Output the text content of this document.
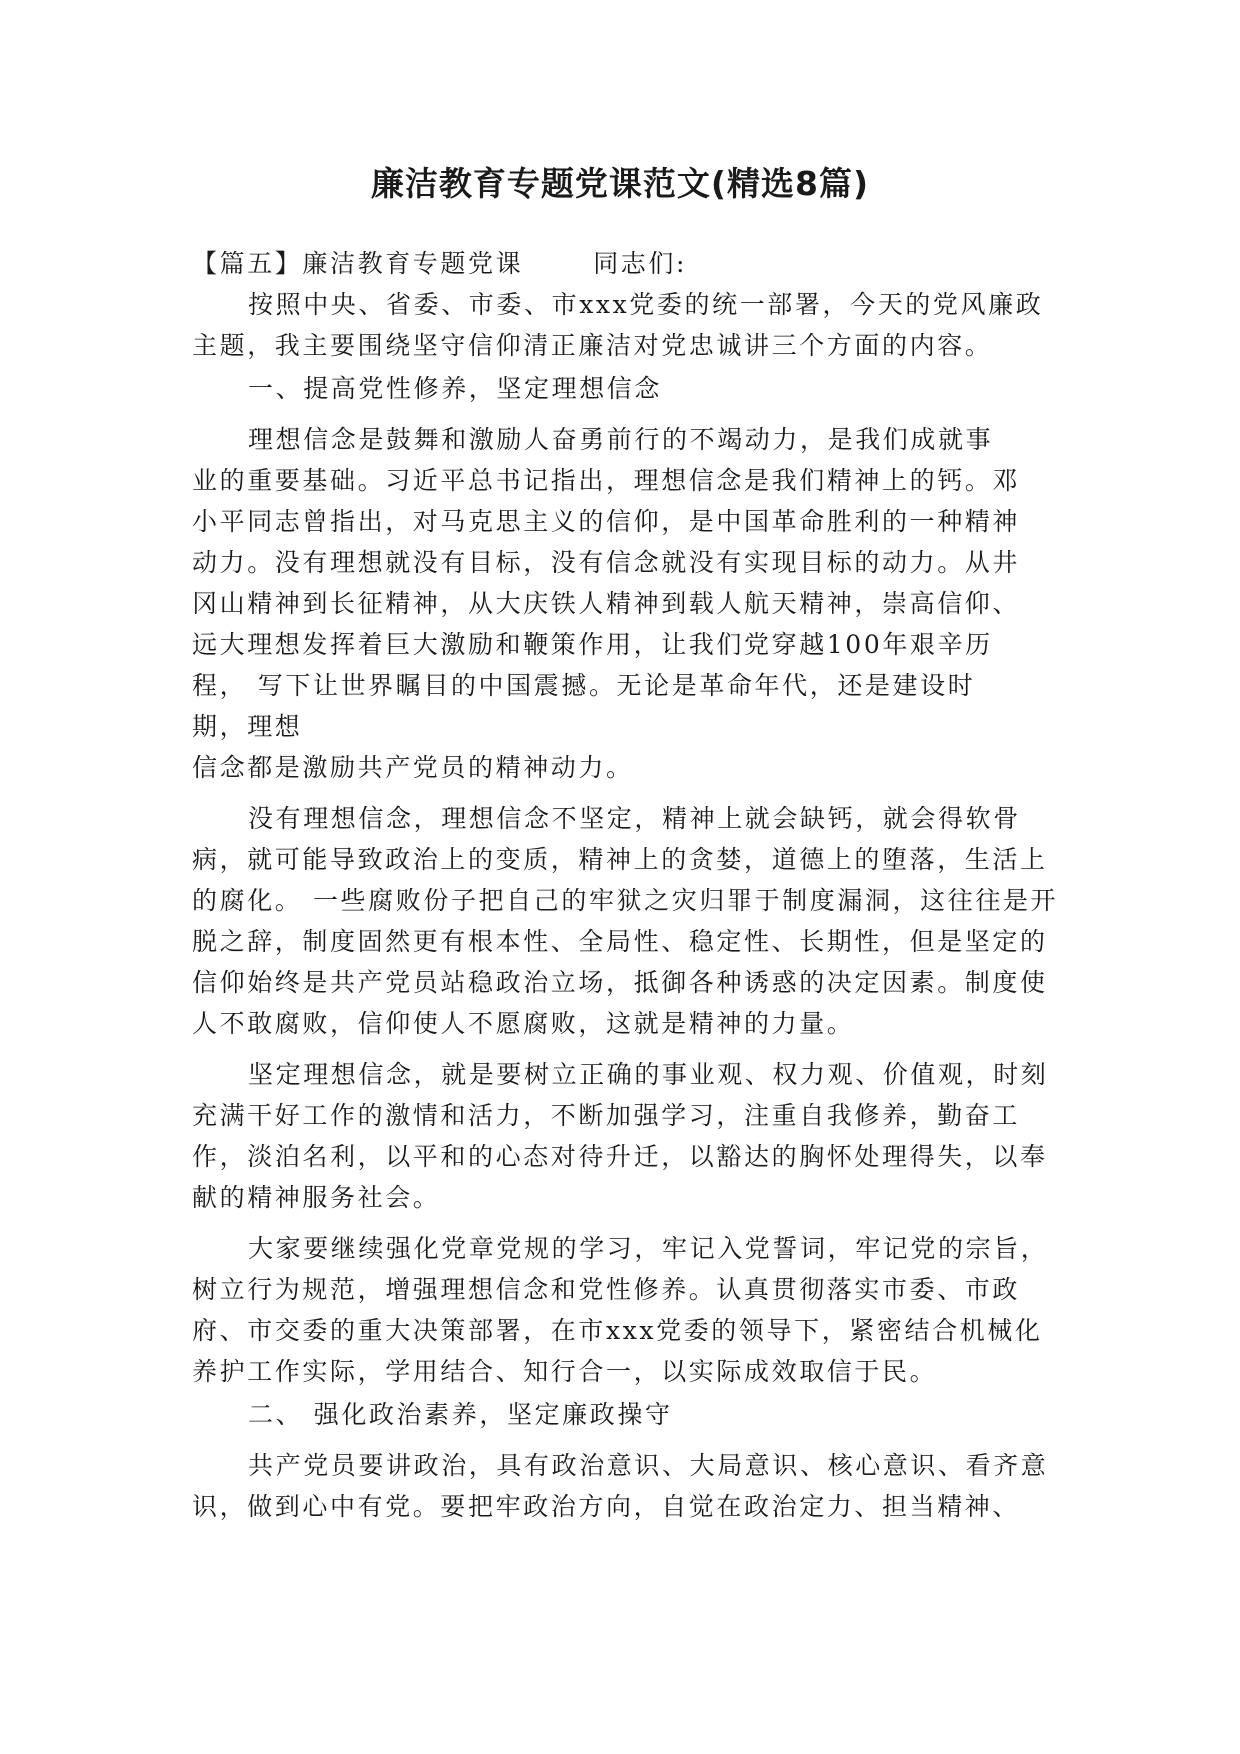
廉洁教育专题党课范文(精选8篇)

【篇五】廉洁教育专题党课	同志们:

按照中央、省委、市委、市xxx党委的统一部署，今天的党风廉政主题，我主要围绕坚守信仰清正廉洁对党忠诚讲三个方面的内容。

一、提高党性修养，坚定理想信念

理想信念是鼓舞和激励人奋勇前行的不竭动力，是我们成就事业的重要基础。习近平总书记指出，理想信念是我们精神上的钙。邓小平同志曾指出，对马克思主义的信仰，是中国革命胜利的一种精神动力。没有理想就没有目标，没有信念就没有实现目标的动力。从井冈山精神到长征精神，从大庆铁人精神到载人航天精神，崇高信仰、远大理想发挥着巨大激励和鞭策作用，让我们党穿越100年艰辛历程， 写下让世界瞩目的中国震撼。无论是革命年代，还是建设时期，理想

信念都是激励共产党员的精神动力。

没有理想信念，理想信念不坚定，精神上就会缺钙，就会得软骨病，就可能导致政治上的变质，精神上的贪婪，道德上的堕落，生活上的腐化。 一些腐败份子把自己的牢狱之灾归罪于制度漏洞，这往往是开脱之辞，制度固然更有根本性、全局性、稳定性、长期性，但是坚定的信仰始终是共产党员站稳政治立场，抵御各种诱惑的决定因素。制度使人不敢腐败，信仰使人不愿腐败，这就是精神的力量。

坚定理想信念，就是要树立正确的事业观、权力观、价值观，时刻充满干好工作的激情和活力，不断加强学习，注重自我修养，勤奋工作，淡泊名利，以平和的心态对待升迁，以豁达的胸怀处理得失，以奉献的精神服务社会。

大家要继续强化党章党规的学习，牢记入党誓词，牢记党的宗旨，树立行为规范，增强理想信念和党性修养。认真贯彻落实市委、市政府、市交委的重大决策部署，在市xxx党委的领导下，紧密结合机械化养护工作实际，学用结合、知行合一，以实际成效取信于民。

二、 强化政治素养，坚定廉政操守

共产党员要讲政治，具有政治意识、大局意识、核心意识、看齐意识，做到心中有党。要把牢政治方向，自觉在政治定力、担当精神、
